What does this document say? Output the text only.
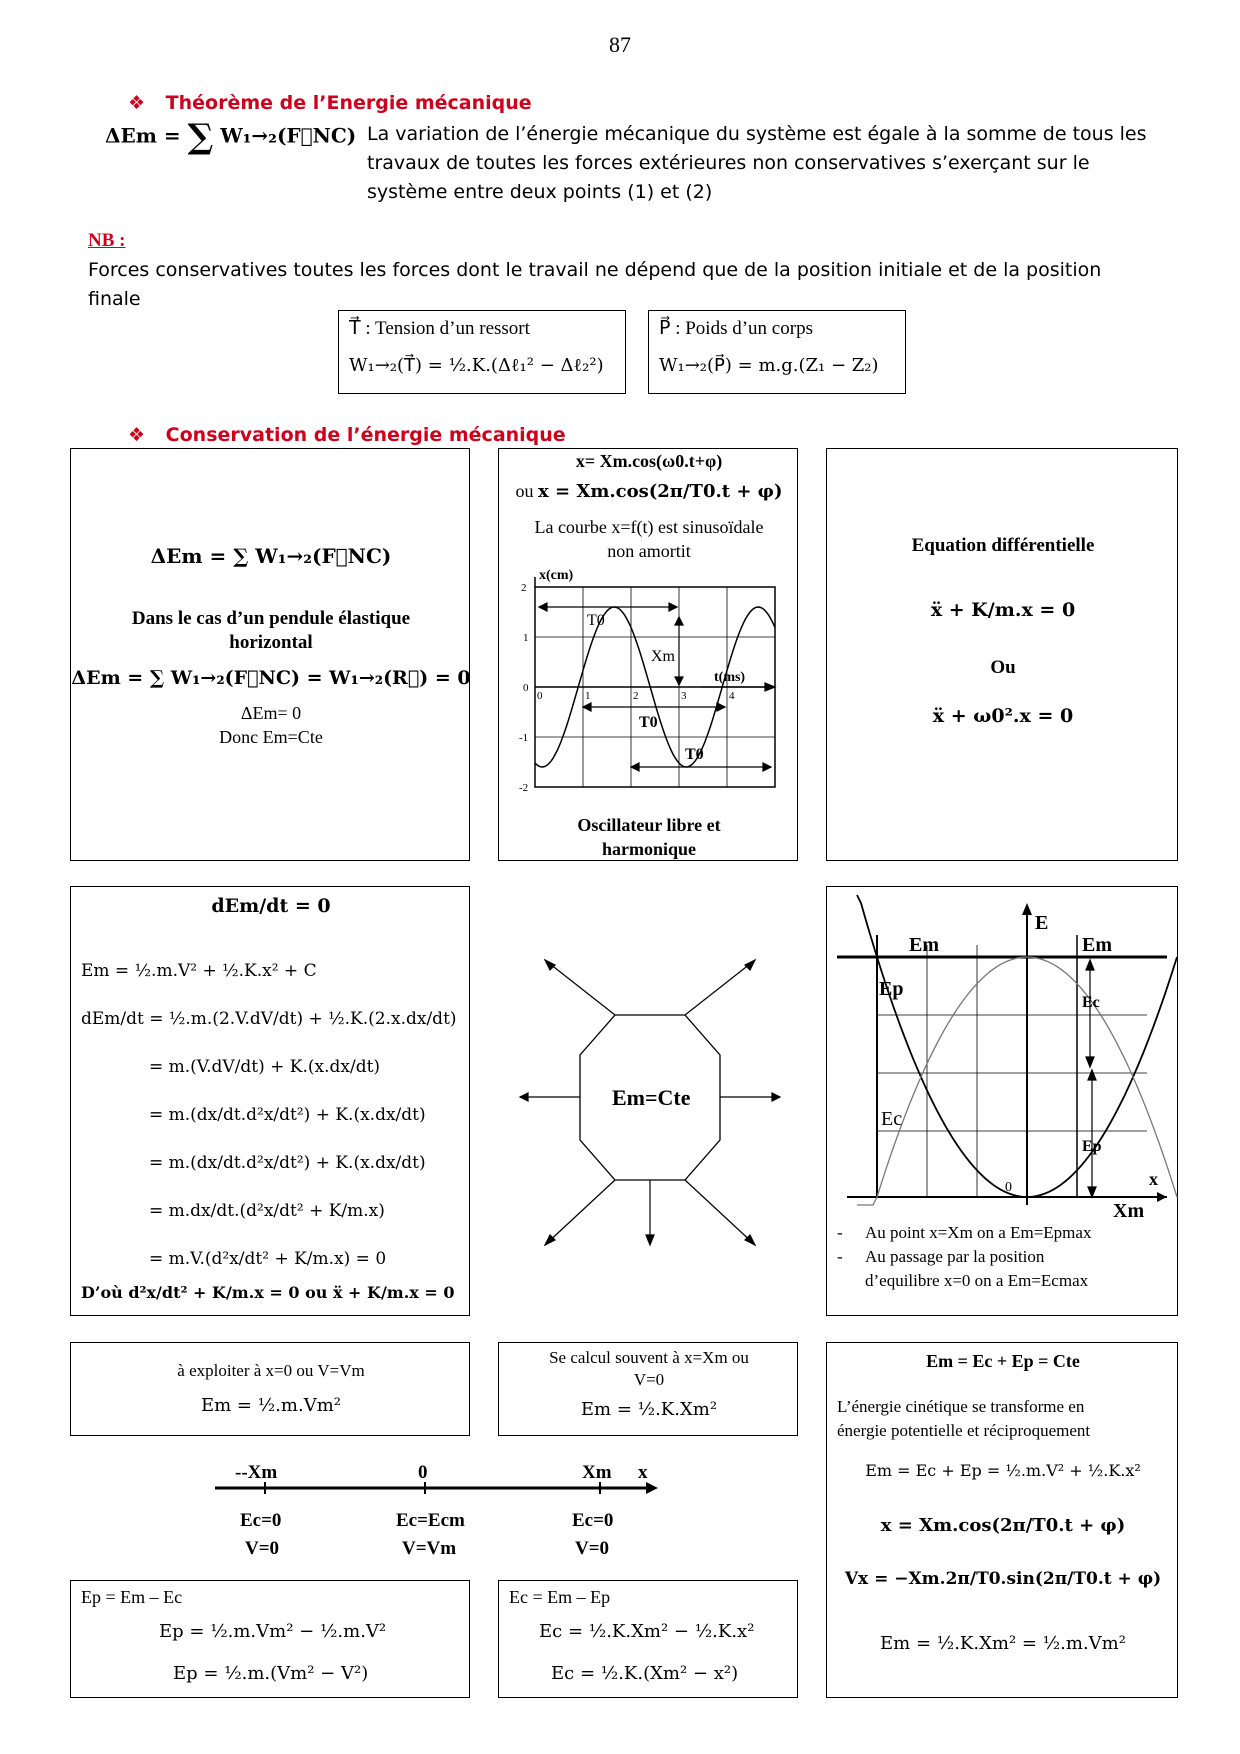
87
❖ Théorème de l’Energie mécanique
ΔEm = ∑ W₁→₂(F⃗NC) La variation de l’énergie mécanique du système est égale à la somme de tous les
travaux de toutes les forces extérieures non conservatives s’exerçant sur le
système entre deux points (1) et (2)
NB :
Forces conservatives toutes les forces dont le travail ne dépend que de la position initiale et de la position
finale
T⃗ : Tension d’un ressort
W₁→₂(T⃗) = ½.K.(Δℓ₁² − Δℓ₂²)
P⃗ : Poids d’un corps
W₁→₂(P⃗) = m.g.(Z₁ − Z₂)
❖ Conservation de l’énergie mécanique
ΔEm = ∑ W₁→₂(F⃗NC)
Dans le cas d’un pendule élastique
horizontal
ΔEm = ∑ W₁→₂(F⃗NC) = W₁→₂(R⃗) = 0
ΔEm= 0
Donc Em=Cte
x= Xm.cos(ω0.t+φ)
ou x = Xm.cos(2π/T0.t + φ)
La courbe x=f(t) est sinusoïdale
non amortit
x(cm)
t(ms)
T0
T0
T0
Xm
2
1
0
-1
-2
0	1	2	3	4
Oscillateur libre et
harmonique
Equation différentielle
ẍ + K/m.x = 0
Ou
ẍ + ω0².x = 0
dEm/dt = 0
Em = ½.m.V² + ½.K.x² + C
dEm/dt = ½.m.(2.V.dV/dt) + ½.K.(2.x.dx/dt)
= m.(V.dV/dt) + K.(x.dx/dt)
= m.(dx/dt.d²x/dt²) + K.(x.dx/dt)
= m.(dx/dt.d²x/dt²) + K.(x.dx/dt)
= m.dx/dt.(d²x/dt² + K/m.x)
= m.V.(d²x/dt² + K/m.x) = 0
D’où d²x/dt² + K/m.x = 0 ou ẍ + K/m.x = 0
Em=Cte
E
Em	Em
Ep
Ec
Ec
Ep
0	x
Xm
- Au point x=Xm on a Em=Epmax
- Au passage par la position
d’equilibre x=0 on a Em=Ecmax
à exploiter à x=0 ou V=Vm
Em = ½.m.Vm²
Se calcul souvent à x=Xm ou
V=0
Em = ½.K.Xm²
--Xm	0	Xm x
Ec=0
V=0
Ec=Ecm
V=Vm
Ec=0
V=0
Em = Ec + Ep = Cte
L’énergie cinétique se transforme en
énergie potentielle et réciproquement
Em = Ec + Ep = ½.m.V² + ½.K.x²
x = Xm.cos(2π/T0.t + φ)
Vx = −Xm.2π/T0.sin(2π/T0.t + φ)
Em = ½.K.Xm² = ½.m.Vm²
Ep = Em – Ec
Ep = ½.m.Vm² − ½.m.V²
Ep = ½.m.(Vm² − V²)
Ec = Em – Ep
Ec = ½.K.Xm² − ½.K.x²
Ec = ½.K.(Xm² − x²)
